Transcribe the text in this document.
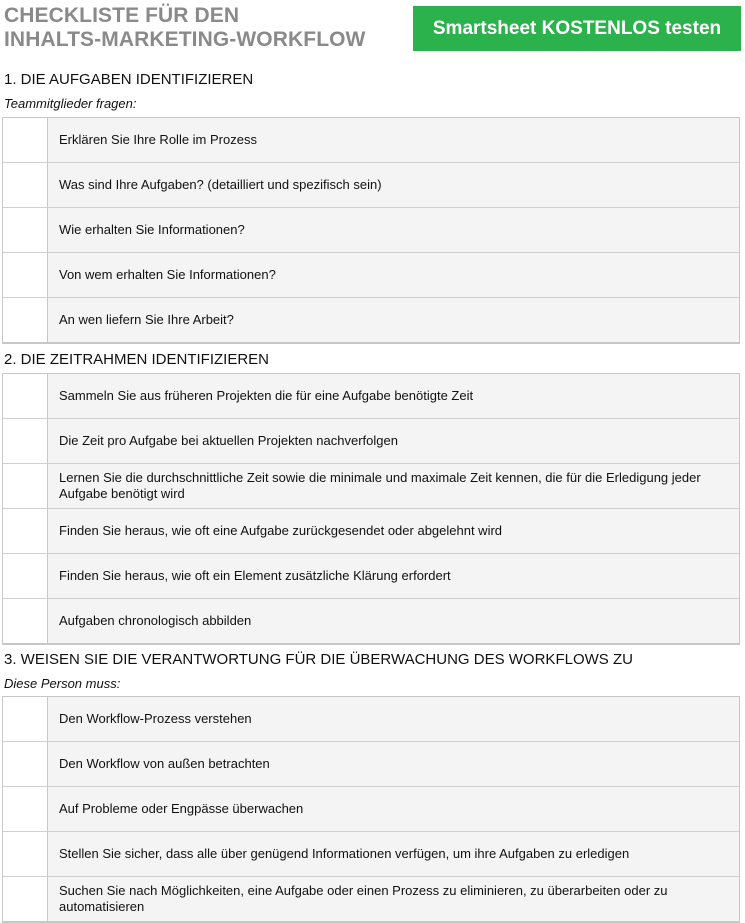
CHECKLISTE FÜR DEN
INHALTS-MARKETING-WORKFLOW	Smartsheet KOSTENLOS testen
1. DIE AUFGABEN IDENTIFIZIEREN
Teammitglieder fragen:
Erklären Sie Ihre Rolle im Prozess
Was sind Ihre Aufgaben? (detailliert und spezifisch sein)
Wie erhalten Sie Informationen?
Von wem erhalten Sie Informationen?
An wen liefern Sie Ihre Arbeit?
2. DIE ZEITRAHMEN IDENTIFIZIEREN
Sammeln Sie aus früheren Projekten die für eine Aufgabe benötigte Zeit
Die Zeit pro Aufgabe bei aktuellen Projekten nachverfolgen
Lernen Sie die durchschnittliche Zeit sowie die minimale und maximale Zeit kennen, die für die Erledigung jeder Aufgabe benötigt wird
Finden Sie heraus, wie oft eine Aufgabe zurückgesendet oder abgelehnt wird
Finden Sie heraus, wie oft ein Element zusätzliche Klärung erfordert
Aufgaben chronologisch abbilden
3. WEISEN SIE DIE VERANTWORTUNG FÜR DIE ÜBERWACHUNG DES WORKFLOWS ZU
Diese Person muss:
Den Workflow-Prozess verstehen
Den Workflow von außen betrachten
Auf Probleme oder Engpässe überwachen
Stellen Sie sicher, dass alle über genügend Informationen verfügen, um ihre Aufgaben zu erledigen
Suchen Sie nach Möglichkeiten, eine Aufgabe oder einen Prozess zu eliminieren, zu überarbeiten oder zu automatisieren
